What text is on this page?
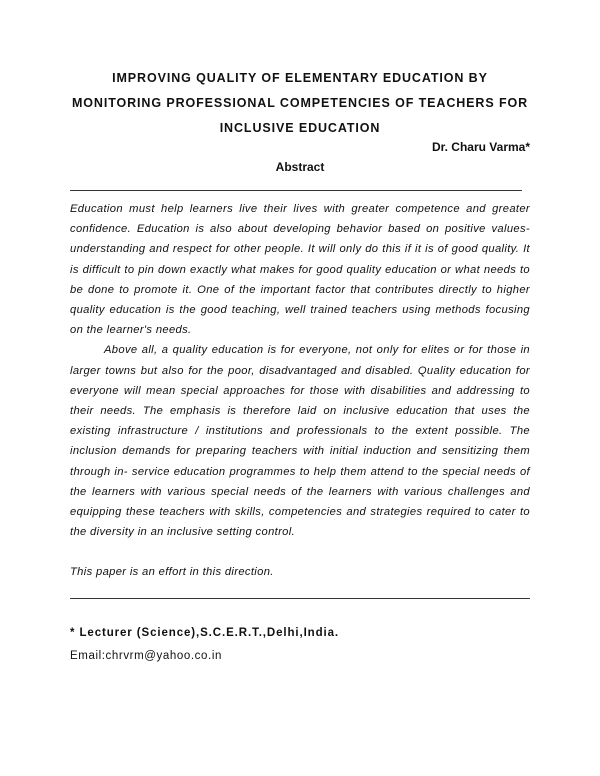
IMPROVING QUALITY OF ELEMENTARY EDUCATION BY MONITORING PROFESSIONAL COMPETENCIES OF TEACHERS FOR INCLUSIVE EDUCATION
Dr. Charu Varma*
Abstract

Education must help learners live their lives with greater competence and greater confidence. Education is also about developing behavior based on positive values-understanding and respect for other people. It will only do this if it is of good quality. It is difficult to pin down exactly what makes for good quality education or what needs to be done to promote it. One of the important factor that contributes directly to higher quality education is the good teaching, well trained teachers using methods focusing on the learner's needs.

Above all, a quality education is for everyone, not only for elites or for those in larger towns but also for the poor, disadvantaged and disabled. Quality education for everyone will mean special approaches for those with disabilities and addressing to their needs. The emphasis is therefore laid on inclusive education that uses the existing infrastructure / institutions and professionals to the extent possible. The inclusion demands for preparing teachers with initial induction and sensitizing them through in- service education programmes to help them attend to the special needs of the learners with various special needs of the learners with various challenges and equipping these teachers with skills, competencies and strategies required to cater to the diversity in an inclusive setting control.

This paper is an effort in this direction.

* Lecturer (Science),S.C.E.R.T.,Delhi,India.
Email:chrvrm@yahoo.co.in
